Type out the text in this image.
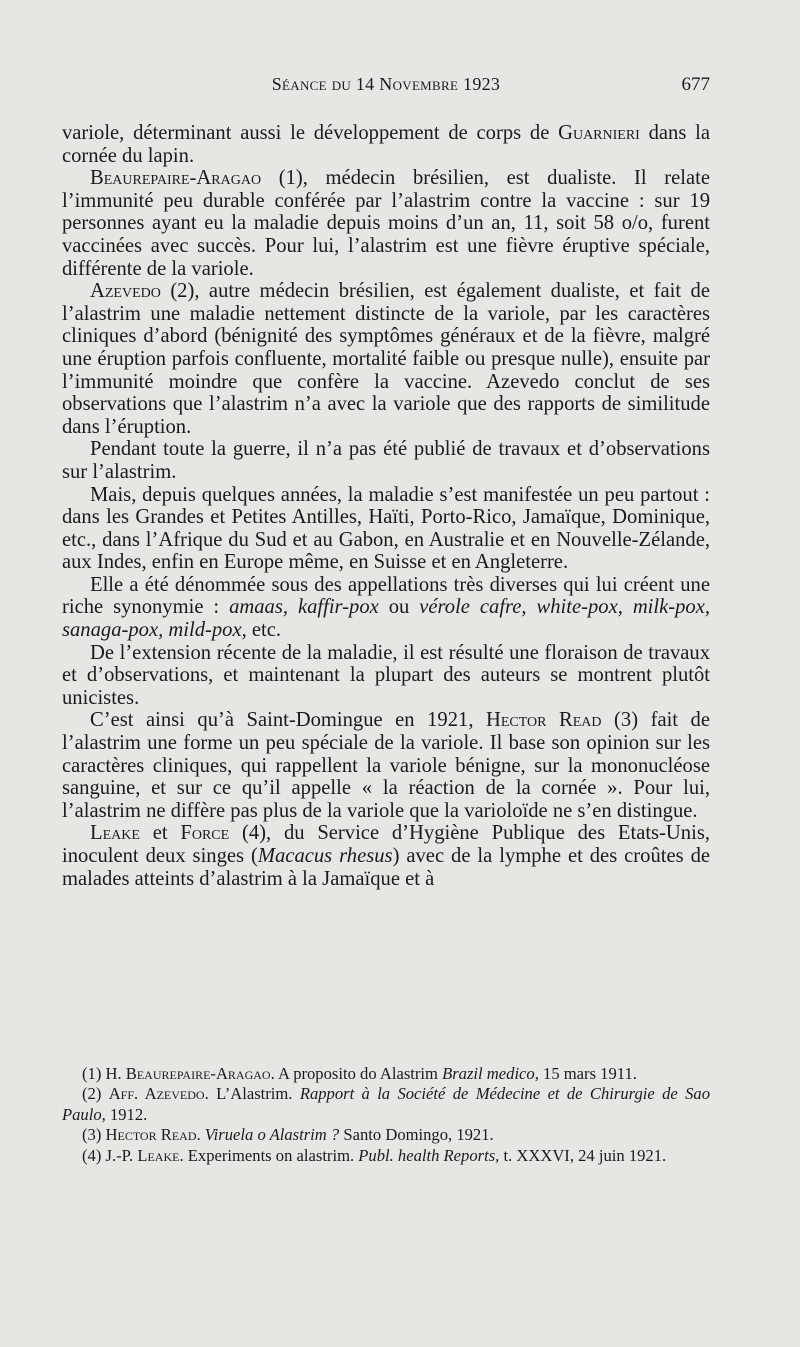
Séance du 14 Novembre 1923	677

variole, déterminant aussi le développement de corps de Guarnieri dans la cornée du lapin.

Beaurepaire-Aragao (1), médecin brésilien, est dualiste. Il relate l’immunité peu durable conférée par l’alastrim contre la vaccine : sur 19 personnes ayant eu la maladie depuis moins d’un an, 11, soit 58 o/o, furent vaccinées avec succès. Pour lui, l’alastrim est une fièvre éruptive spéciale, différente de la variole.

Azevedo (2), autre médecin brésilien, est également dualiste, et fait de l’alastrim une maladie nettement distincte de la variole, par les caractères cliniques d’abord (bénignité des symptômes généraux et de la fièvre, malgré une éruption parfois confluente, mortalité faible ou presque nulle), ensuite par l’immunité moindre que confère la vaccine. Azevedo conclut de ses observations que l’alastrim n’a avec la variole que des rapports de similitude dans l’éruption.

Pendant toute la guerre, il n’a pas été publié de travaux et d’observations sur l’alastrim.

Mais, depuis quelques années, la maladie s’est manifestée un peu partout : dans les Grandes et Petites Antilles, Haïti, Porto-Rico, Jamaïque, Dominique, etc., dans l’Afrique du Sud et au Gabon, en Australie et en Nouvelle-Zélande, aux Indes, enfin en Europe même, en Suisse et en Angleterre.

Elle a été dénommée sous des appellations très diverses qui lui créent une riche synonymie : amaas, kaffir-pox ou vérole cafre, white-pox, milk-pox, sanaga-pox, mild-pox, etc.

De l’extension récente de la maladie, il est résulté une floraison de travaux et d’observations, et maintenant la plupart des auteurs se montrent plutôt unicistes.

C’est ainsi qu’à Saint-Domingue en 1921, Hector Read (3) fait de l’alastrim une forme un peu spéciale de la variole. Il base son opinion sur les caractères cliniques, qui rappellent la variole bénigne, sur la mononucléose sanguine, et sur ce qu’il appelle « la réaction de la cornée ». Pour lui, l’alastrim ne diffère pas plus de la variole que la varioloïde ne s’en distingue.

Leake et Force (4), du Service d’Hygiène Publique des Etats-Unis, inoculent deux singes (Macacus rhesus) avec de la lymphe et des croûtes de malades atteints d’alastrim à la Jamaïque et à

(1) H. Beaurepaire-Aragao. A proposito do Alastrim Brazil medico, 15 mars 1911.

(2) Aff. Azevedo. L’Alastrim. Rapport à la Société de Médecine et de Chirurgie de Sao Paulo, 1912.

(3) Hector Read. Viruela o Alastrim ? Santo Domingo, 1921.

(4) J.-P. Leake. Experiments on alastrim. Publ. health Reports, t. XXXVI, 24 juin 1921.
